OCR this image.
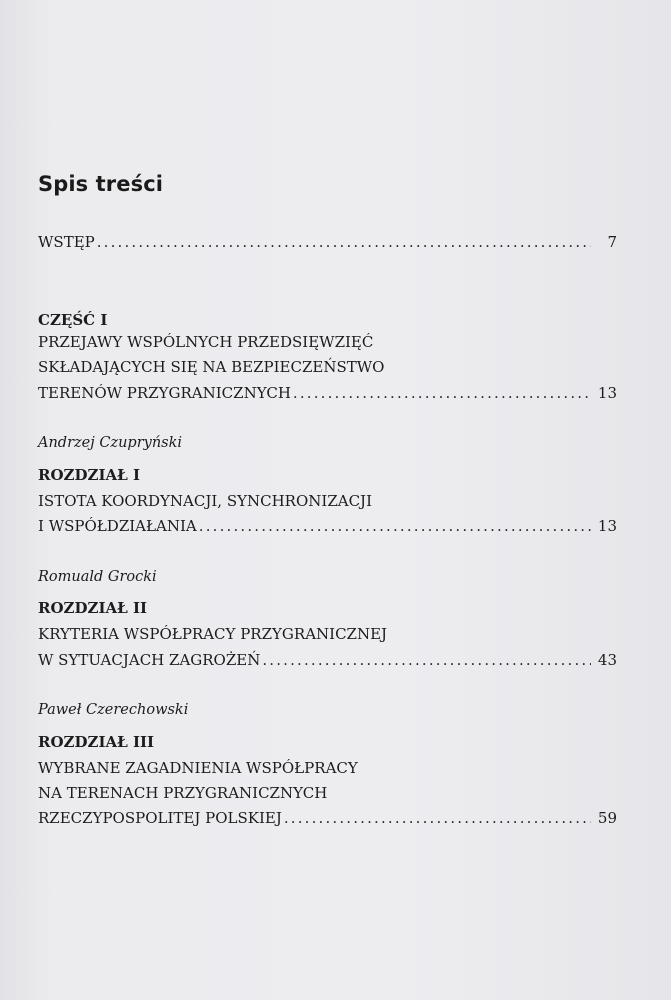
Spis treści
WSTĘP . . .	7
CZĘŚĆ I
PRZEJAWY WSPÓLNYCH PRZEDSIĘWZIĘĆ
SKŁADAJĄCYCH SIĘ NA BEZPIECZEŃSTWO
TERENÓW PRZYGRANICZNYCH . . .	13
Andrzej Czupryński
ROZDZIAŁ I
ISTOTA KOORDYNACJI, SYNCHRONIZACJI
I WSPÓŁDZIAŁANIA . . .	13
Romuald Grocki
ROZDZIAŁ II
KRYTERIA WSPÓŁPRACY PRZYGRANICZNEJ
W SYTUACJACH ZAGROŻEŃ . . .	43
Paweł Czerechowski
ROZDZIAŁ III
WYBRANE ZAGADNIENIA WSPÓŁPRACY
NA TERENACH PRZYGRANICZNYCH
RZECZYPOSPOLITEJ POLSKIEJ . . .	59
